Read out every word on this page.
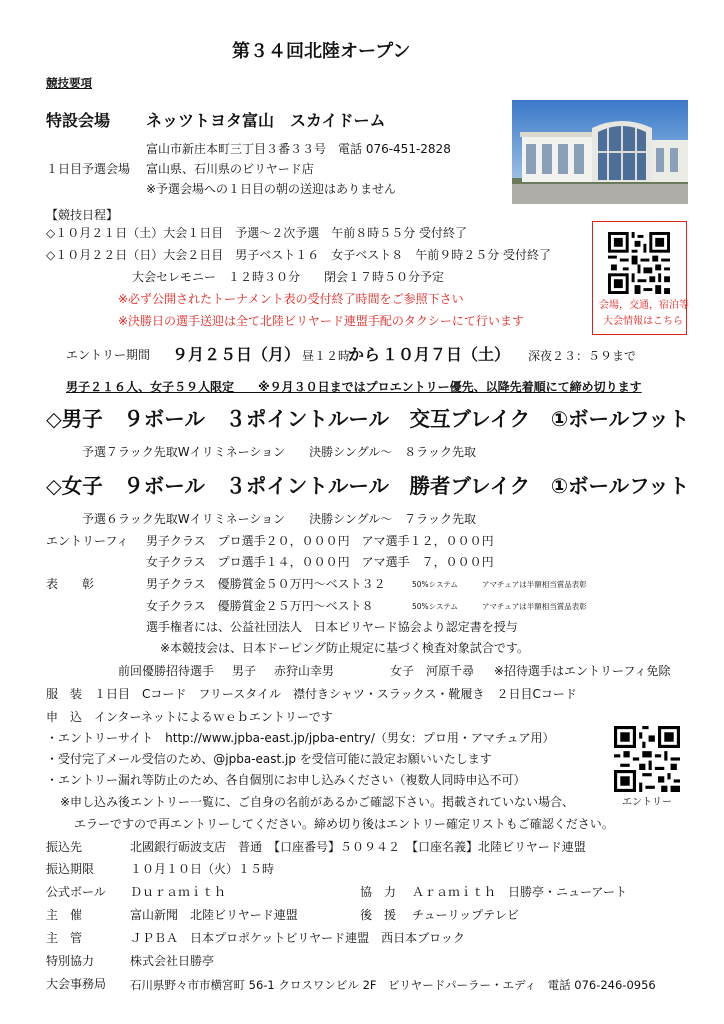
第３４回北陸オープン
競技要項
特設会場 ネッツトヨタ富山　スカイドーム
富山市新庄本町三丁目３番３３号　電話 076-451-2828
１日目予選会場 富山県、石川県のビリヤード店
※予選会場への１日目の朝の送迎はありません
【競技日程】
◇１０月２１日（土）大会１日目　予選～２次予選　午前８時５５分 受付終了
◇１０月２２日（日）大会２日目　男子ベスト１６　女子ベスト８　午前９時２５分 受付終了
大会セレモニー　１２時３０分　　閉会１７時５０分予定
※必ず公開されたトーナメント表の受付終了時間をご参照下さい
※決勝日の選手送迎は全て北陸ビリヤード連盟手配のタクシーにて行います
会場，交通，宿泊等
大会情報はこちら
エントリー期間 ９月２５日（月） 昼１２時
から １０月７日（土） 深夜２３：５９まで
男子２１６人、女子５９人限定　　※９月３０日まではプロエントリー優先、以降先着順にて締め切ります
◇男子　９ボール　３ポイントルール　交互ブレイク　①ボールフット
予選７ラック先取Wイリミネーション　　決勝シングル～　８ラック先取
◇女子　９ボール　３ポイントルール　勝者ブレイク　①ボールフット
予選６ラック先取Wイリミネーション　　決勝シングル～　７ラック先取
エントリーフィ 男子クラス　プロ選手２０，０００円　アマ選手１２，０００円
女子クラス　プロ選手１４，０００円　アマ選手　７，０００円
表　　彰	男子クラス　優勝賞金５０万円～ベスト３２	50%システム	アマチュアは半額相当賞品表彰
女子クラス　優勝賞金２５万円～ベスト８	50%システム	アマチュアは半額相当賞品表彰
選手権者には、公益社団法人　日本ビリヤード協会より認定書を授与
※本競技会は、日本ドーピング防止規定に基づく検査対象試合です。
前回優勝招待選手 男子 赤狩山幸男	女子 河原千尋 ※招待選手はエントリーフィ免除
服　装 １日目　Cコード　フリースタイル　襟付きシャツ・スラックス・靴履き　２日目Cコード
申　込 インターネットによるｗｅｂエントリーです
・エントリーサイト　http://www.jpba-east.jp/jpba-entry/（男女：プロ用・アマチュア用）
・受付完了メール受信のため、@jpba-east.jp を受信可能に設定お願いいたします
・エントリー漏れ等防止のため、各自個別にお申し込みください（複数人同時申込不可）
※申し込み後エントリー一覧に、ご自身の名前があるかご確認下さい。掲載されていない場合、
エラーですので再エントリーしてください。締め切り後はエントリー確定リストもご確認ください。
エントリー
振込先	北國銀行砺波支店　普通　【口座番号】５０９４２　【口座名義】北陸ビリヤード連盟
振込期限	１０月１０日（火）１５時
公式ボール Ｄｕｒａｍｉｔｈ	協　力 Ａｒａｍｉｔｈ　日勝亭・ニューアート
主　催	富山新聞　北陸ビリヤード連盟	後　援 チューリップテレビ
主　管	ＪＰＢＡ　日本プロポケットビリヤード連盟　西日本ブロック
特別協力	株式会社日勝亭
大会事務局 石川県野々市市横宮町 56-1 クロスワンビル 2F　ビリヤードパーラー・エディ　電話 076-246-0956
